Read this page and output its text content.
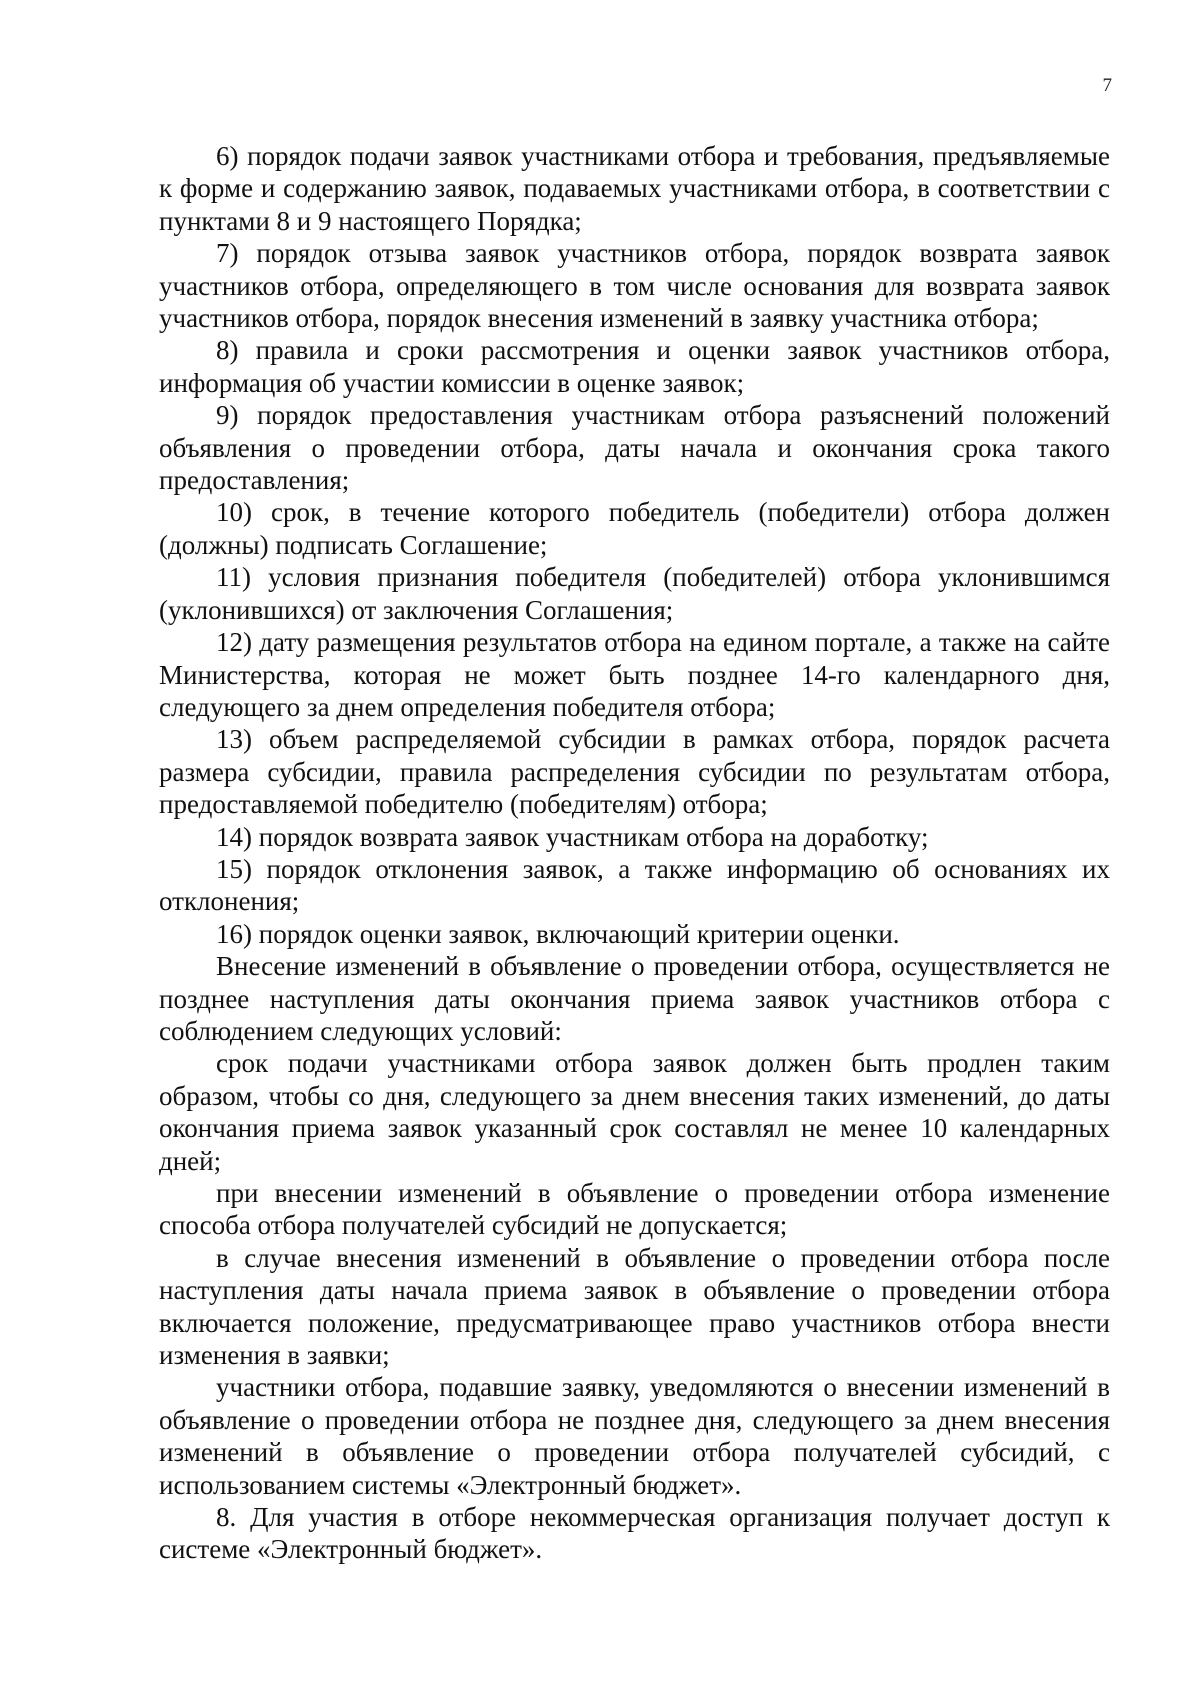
7

6) порядок подачи заявок участниками отбора и требования, предъявляемые к форме и содержанию заявок, подаваемых участниками отбора, в соответствии с пунктами 8 и 9 настоящего Порядка;

7) порядок отзыва заявок участников отбора, порядок возврата заявок участников отбора, определяющего в том числе основания для возврата заявок участников отбора, порядок внесения изменений в заявку участника отбора;

8) правила и сроки рассмотрения и оценки заявок участников отбора, информация об участии комиссии в оценке заявок;

9) порядок предоставления участникам отбора разъяснений положений объявления о проведении отбора, даты начала и окончания срока такого предоставления;

10) срок, в течение которого победитель (победители) отбора должен (должны) подписать Соглашение;

11) условия признания победителя (победителей) отбора уклонившимся (уклонившихся) от заключения Соглашения;

12) дату размещения результатов отбора на едином портале, а также на сайте Министерства, которая не может быть позднее 14-го календарного дня, следующего за днем определения победителя отбора;

13) объем распределяемой субсидии в рамках отбора, порядок расчета размера субсидии, правила распределения субсидии по результатам отбора, предоставляемой победителю (победителям) отбора;

14) порядок возврата заявок участникам отбора на доработку;

15) порядок отклонения заявок, а также информацию об основаниях их отклонения;

16) порядок оценки заявок, включающий критерии оценки.

Внесение изменений в объявление о проведении отбора, осуществляется не позднее наступления даты окончания приема заявок участников отбора с соблюдением следующих условий:

срок подачи участниками отбора заявок должен быть продлен таким образом, чтобы со дня, следующего за днем внесения таких изменений, до даты окончания приема заявок указанный срок составлял не менее 10 календарных дней;

при внесении изменений в объявление о проведении отбора изменение способа отбора получателей субсидий не допускается;

в случае внесения изменений в объявление о проведении отбора после наступления даты начала приема заявок в объявление о проведении отбора включается положение, предусматривающее право участников отбора внести изменения в заявки;

участники отбора, подавшие заявку, уведомляются о внесении изменений в объявление о проведении отбора не позднее дня, следующего за днем внесения изменений в объявление о проведении отбора получателей субсидий, с использованием системы «Электронный бюджет».

8. Для участия в отборе некоммерческая организация получает доступ к системе «Электронный бюджет».
